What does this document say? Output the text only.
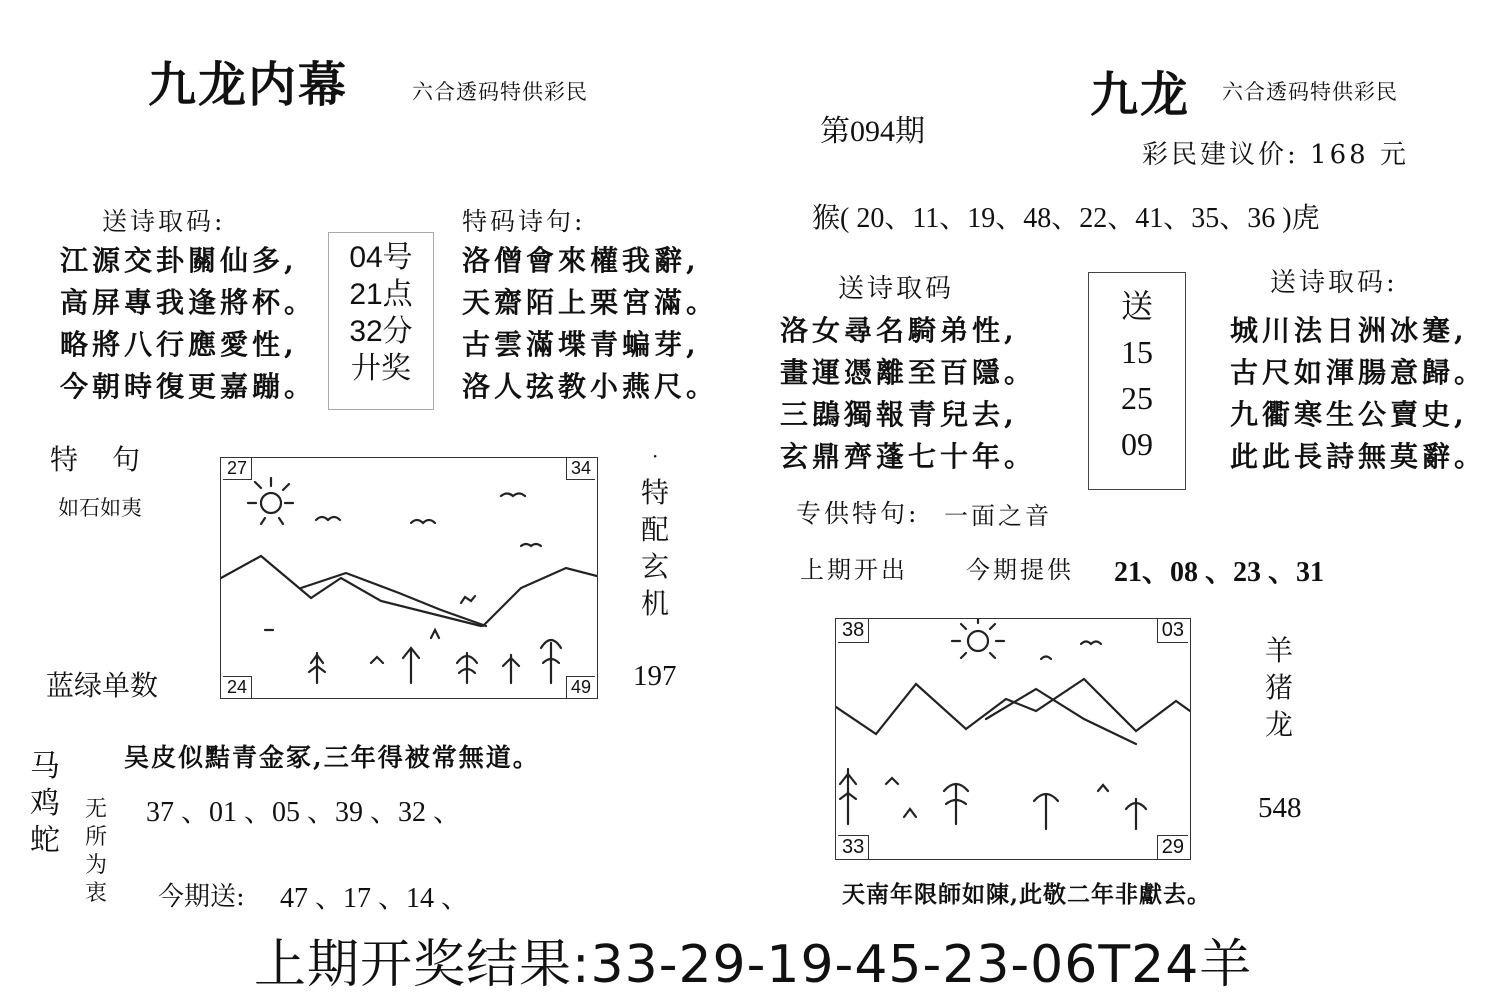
九龙内幕	六合透码特供彩民
送诗取码:
江源交卦關仙多,
高屏專我逢將杯。
略將八行應愛性,
今朝時復更嘉蹦。
04号
21点
32分
廾奖
特码诗句:
洛僧會來權我辭,
天齋陌上栗宮滿。
古雲滿堞青蝙芽,
洛人弦教小燕尺。
特　句
如石如夷
27	34
24	49
·
特配玄机
197
蓝绿单数
马鸡蛇
无所为衷
吴皮似黠青金冢,三年得被常無道。
37 、01 、05 、39 、32 、
今期送: 47 、17 、14 、
九龙 六合透码特供彩民
第094期
彩民建议价: 168 元
猴( 20、11、19、48、22、41、35、36 )虎
送诗取码
洛女尋名騎弟性,
畫運憑離至百隱。
三鵾獨報青兒去,
玄鼎齊蓬七十年。
送
15
25
09
送诗取码:
城川法日洲冰蹇,
古尺如渾腸意歸。
九衢寒生公賣史,
此此長詩無莫辭。
专供特句: 一面之音
上期开出 今期提供 21、08 、23 、31
38	03
33	29
羊猪龙
548
天南年限師如陳,此敬二年非獻去。
上期开奖结果:33-29-19-45-23-06T24羊
